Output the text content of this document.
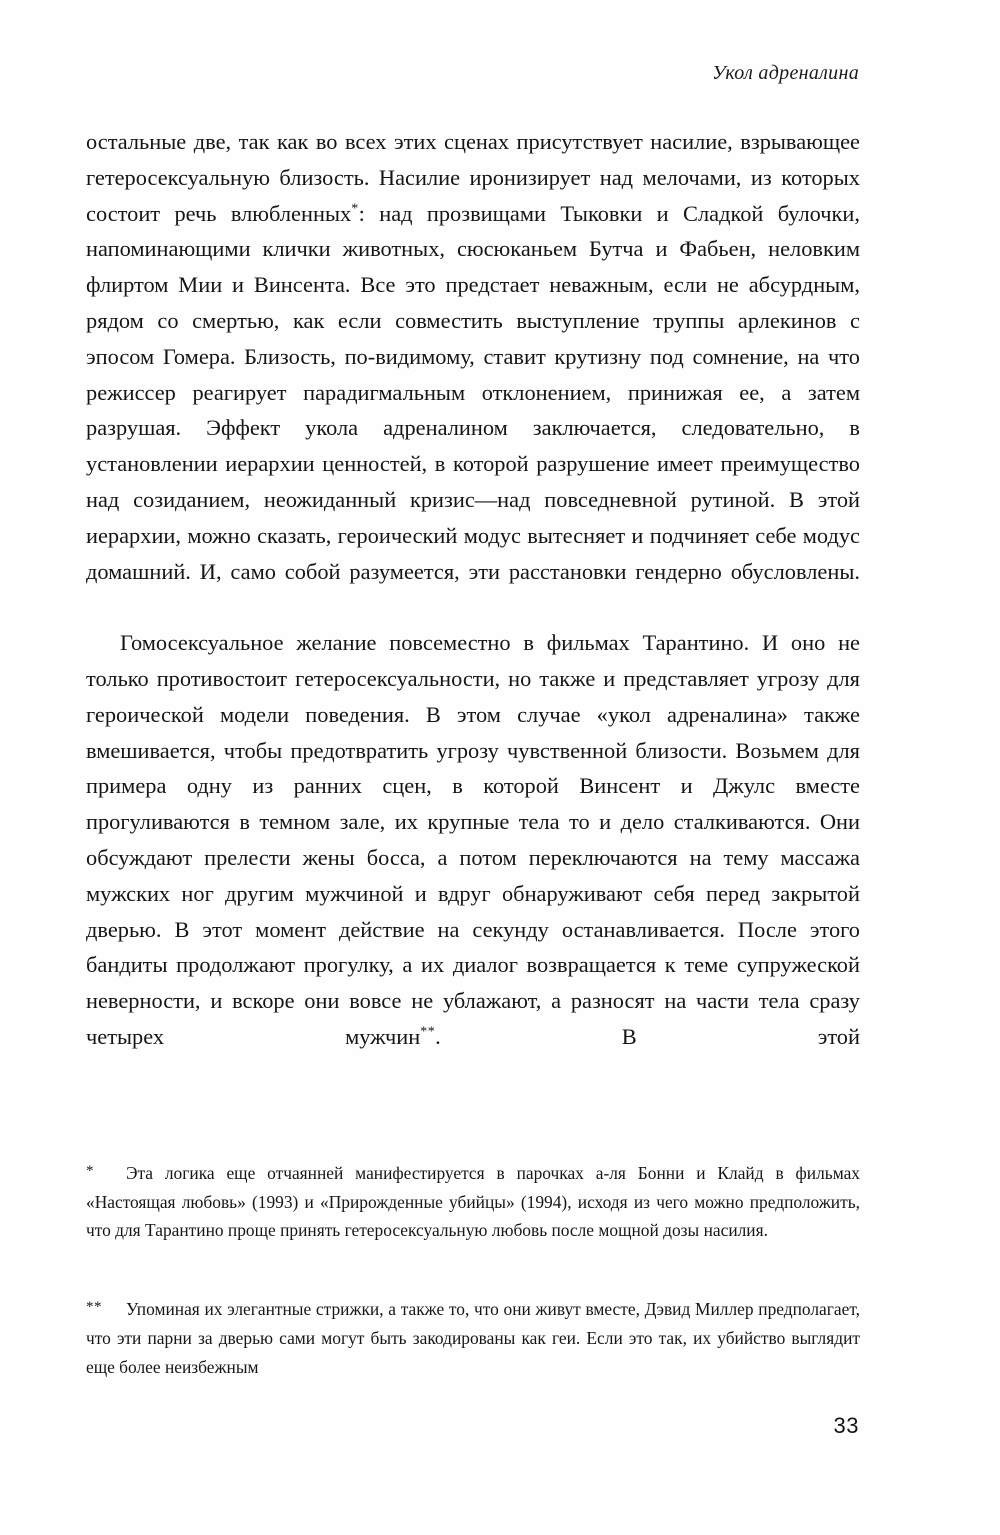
Укол адреналина

остальные две, так как во всех этих сценах присутствует насилие, взрывающее гетеросексуальную близость. Насилие иронизирует над мелочами, из которых состоит речь влюбленных*: над прозвищами Тыковки и Сладкой булочки, напоминающими клички животных, сюсюканьем Бутча и Фабьен, неловким флиртом Мии и Винсента. Все это предстает неважным, если не абсурдным, рядом со смертью, как если совместить выступление труппы арлекинов с эпосом Гомера. Близость, по-видимому, ставит крутизну под сомнение, на что режиссер реагирует парадигмальным отклонением, принижая ее, а затем разрушая. Эффект укола адреналином заключается, следовательно, в установлении иерархии ценностей, в которой разрушение имеет преимущество над созиданием, неожиданный кризис—над повседневной рутиной. В этой иерархии, можно сказать, героический модус вытесняет и подчиняет себе модус домашний. И, само собой разумеется, эти расстановки гендерно обусловлены.

Гомосексуальное желание повсеместно в фильмах Тарантино. И оно не только противостоит гетеросексуальности, но также и представляет угрозу для героической модели поведения. В этом случае «укол адреналина» также вмешивается, чтобы предотвратить угрозу чувственной близости. Возьмем для примера одну из ранних сцен, в которой Винсент и Джулс вместе прогуливаются в темном зале, их крупные тела то и дело сталкиваются. Они обсуждают прелести жены босса, а потом переключаются на тему массажа мужских ног другим мужчиной и вдруг обнаруживают себя перед закрытой дверью. В этот момент действие на секунду останавливается. После этого бандиты продолжают прогулку, а их диалог возвращается к теме супружеской неверности, и вскоре они вовсе не ублажают, а разносят на части тела сразу четырех мужчин**. В этой

*	Эта логика еще отчаянней манифестируется в парочках а-ля Бонни и Клайд в фильмах «Настоящая любовь» (1993) и «Прирожденные убийцы» (1994), исходя из чего можно предположить, что для Тарантино проще принять гетеросексуальную любовь после мощной дозы насилия.
**	Упоминая их элегантные стрижки, а также то, что они живут вместе, Дэвид Миллер предполагает, что эти парни за дверью сами могут быть закодированы как геи. Если это так, их убийство выглядит еще более неизбежным
33
